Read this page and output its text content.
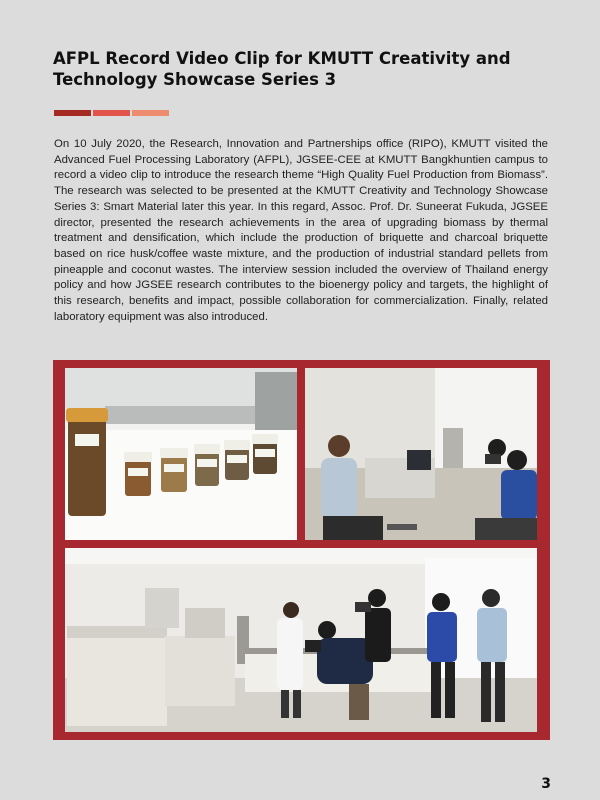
AFPL Record Video Clip for KMUTT Creativity and Technology Showcase Series 3

On 10 July 2020, the Research, Innovation and Partnerships office (RIPO), KMUTT visited the Advanced Fuel Processing Laboratory (AFPL), JGSEE-CEE at KMUTT Bangkhuntien campus to record a video clip to introduce the research theme “High Quality Fuel Production from Biomass”. The research was selected to be presented at the KMUTT Creativity and Technology Showcase Series 3: Smart Material later this year. In this regard, Assoc. Prof. Dr. Suneerat Fukuda, JGSEE director, presented the research achievements in the area of upgrading biomass by thermal treatment and densification, which include the production of briquette and charcoal briquette based on rice husk/coffee waste mixture, and the production of industrial standard pellets from pineapple and coconut wastes. The interview session included the overview of Thailand energy policy and how JGSEE research contributes to the bioenergy policy and targets, the highlight of this research, benefits and impact, possible collaboration for commercialization. Finally, related laboratory equipment was also introduced.

3
